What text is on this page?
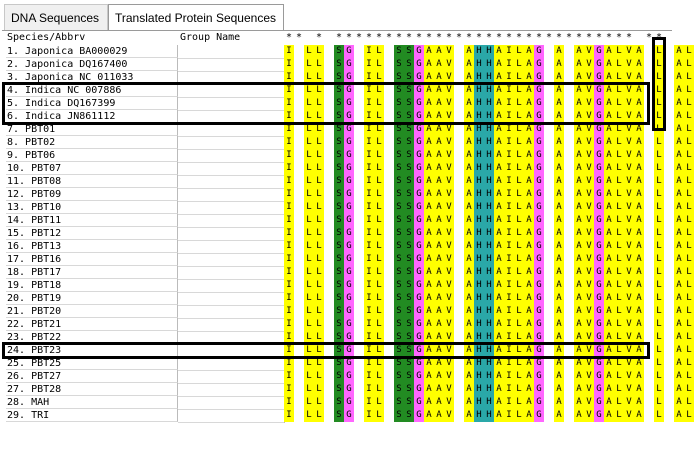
DNA Sequences	Translated Protein Sequences
Species/Abbrv	Group Name	* * * * * * * * * * * * * * * * * * * * * * * * * * * * * * * * * * *
1. Japonica BA000029	I L L S G I L S S G A A V A H H A I L A G A A V G A L V A L A L
2. Japonica DQ167400	I L L S G I L S S G A A V A H H A I L A G A A V G A L V A L A L
3. Japonica NC 011033	I L L S G I L S S G A A V A H H A I L A G A A V G A L V A L A L
4. Indica NC 007886	I L L S G I L S S G A A V A H H A I L A G A A V G A L V A L A L
5. Indica DQ167399	I L L S G I L S S G A A V A H H A I L A G A A V G A L V A L A L
6. Indica JN861112	I L L S G I L S S G A A V A H H A I L A G A A V G A L V A L A L
7. PBT01	I L L S G I L S S G A A V A H H A I L A G A A V G A L V A L A L
8. PBT02	I L L S G I L S S G A A V A H H A I L A G A A V G A L V A L A L
9. PBT06	I L L S G I L S S G A A V A H H A I L A G A A V G A L V A L A L
10. PBT07	I L L S G I L S S G A A V A H H A I L A G A A V G A L V A L A L
11. PBT08	I L L S G I L S S G A A V A H H A I L A G A A V G A L V A L A L
12. PBT09	I L L S G I L S S G A A V A H H A I L A G A A V G A L V A L A L
13. PBT10	I L L S G I L S S G A A V A H H A I L A G A A V G A L V A L A L
14. PBT11	I L L S G I L S S G A A V A H H A I L A G A A V G A L V A L A L
15. PBT12	I L L S G I L S S G A A V A H H A I L A G A A V G A L V A L A L
16. PBT13	I L L S G I L S S G A A V A H H A I L A G A A V G A L V A L A L
17. PBT16	I L L S G I L S S G A A V A H H A I L A G A A V G A L V A L A L
18. PBT17	I L L S G I L S S G A A V A H H A I L A G A A V G A L V A L A L
19. PBT18	I L L S G I L S S G A A V A H H A I L A G A A V G A L V A L A L
20. PBT19	I L L S G I L S S G A A V A H H A I L A G A A V G A L V A L A L
21. PBT20	I L L S G I L S S G A A V A H H A I L A G A A V G A L V A L A L
22. PBT21	I L L S G I L S S G A A V A H H A I L A G A A V G A L V A L A L
23. PBT22	I L L S G I L S S G A A V A H H A I L A G A A V G A L V A L A L
24. PBT23	I L L S G I L S S G A A V A H H A I L A G A A V G A L V A L A L
25. PBT25	I L L S G I L S S G A A V A H H A I L A G A A V G A L V A L A L
26. PBT27	I L L S G I L S S G A A V A H H A I L A G A A V G A L V A L A L
27. PBT28	I L L S G I L S S G A A V A H H A I L A G A A V G A L V A L A L
28. MAH	I L L S G I L S S G A A V A H H A I L A G A A V G A L V A L A L
29. TRI	I L L S G I L S S G A A V A H H A I L A G A A V G A L V A L A L
